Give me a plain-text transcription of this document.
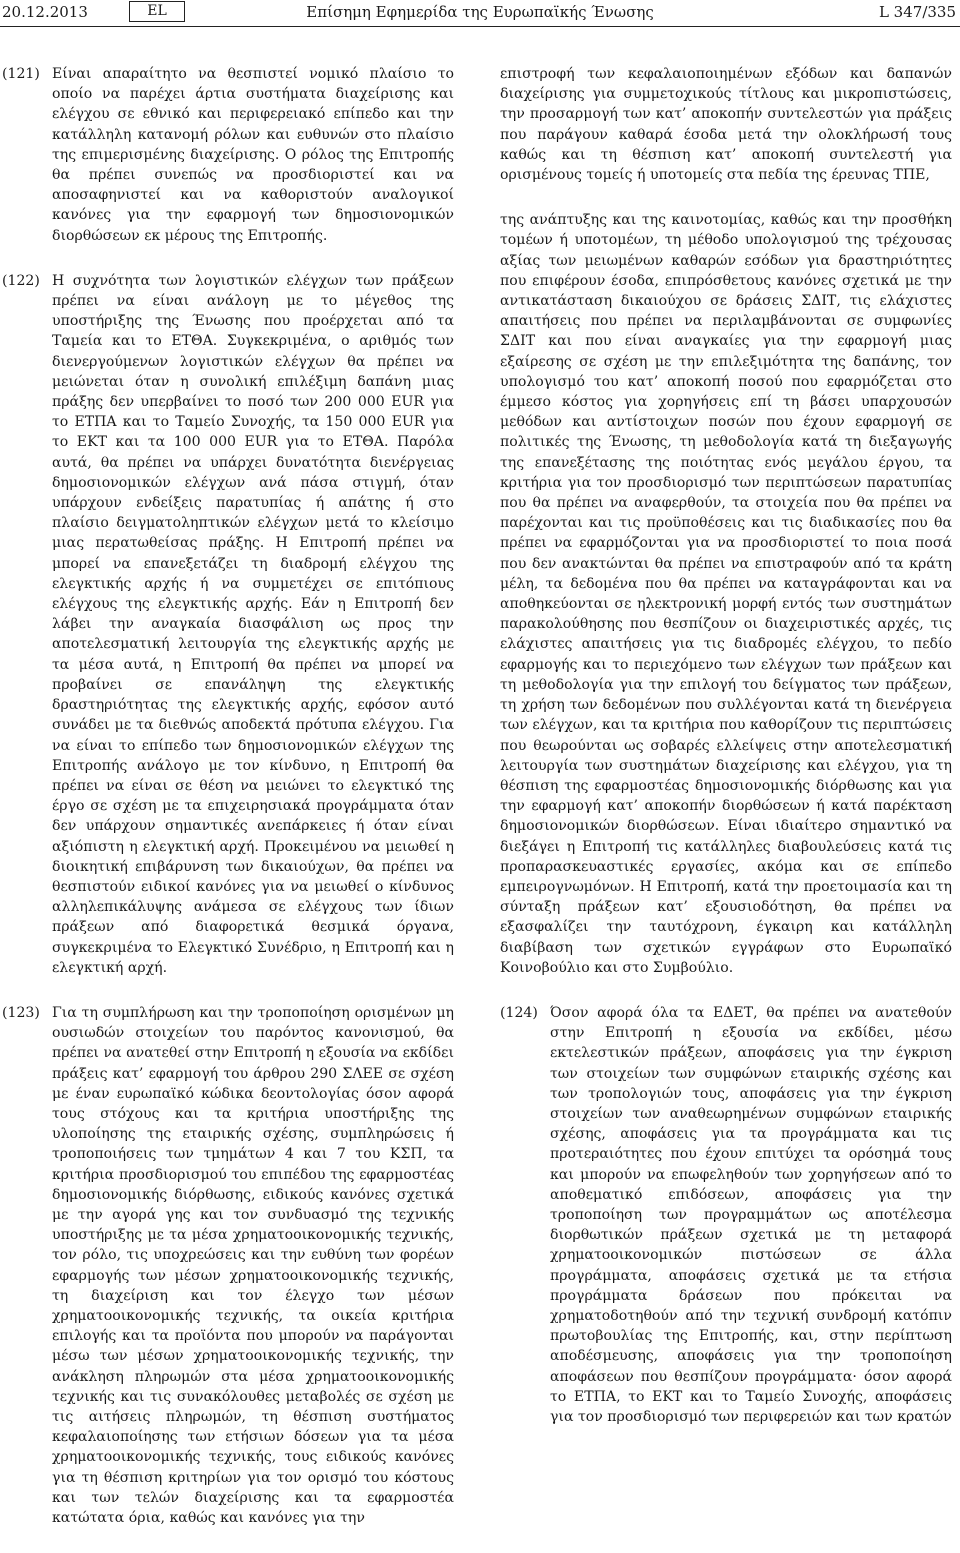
Επίσημη Εφημερίδα της Ευρωπαϊκής Ένωσης
20.12.2013	EL	L 347/335
(121) Είναι απαραίτητο να θεσπιστεί νομικό πλαίσιο το οποίο να παρέχει άρτια συστήματα διαχείρισης και ελέγχου σε εθνικό και περιφερειακό επίπεδο και την κατάλληλη κατανομή ρόλων και ευθυνών στο πλαίσιο της επιμερισμένης διαχείρισης. Ο ρόλος της Επιτροπής θα πρέπει συνεπώς να προσδιοριστεί και να αποσαφηνιστεί και να καθοριστούν αναλογικοί κανόνες για την εφαρμογή των δημοσιονομικών διορθώσεων εκ μέρους της Επιτροπής.

(122) Η συχνότητα των λογιστικών ελέγχων των πράξεων πρέπει να είναι ανάλογη με το μέγεθος της υποστήριξης της Ένωσης που προέρχεται από τα Ταμεία και το ΕΤΘΑ. Συγκεκριμένα, ο αριθμός των διενεργούμενων λογιστικών ελέγχων θα πρέπει να μειώνεται όταν η συνολική επιλέξιμη δαπάνη μιας πράξης δεν υπερβαίνει το ποσό των 200 000 EUR για το ΕΤΠΑ και το Ταμείο Συνοχής, τα 150 000 EUR για το ΕΚΤ και τα 100 000 EUR για το ΕΤΘΑ. Παρόλα αυτά, θα πρέπει να υπάρχει δυνατότητα διενέργειας δημοσιονομικών ελέγχων ανά πάσα στιγμή, όταν υπάρχουν ενδείξεις παρατυπίας ή απάτης ή στο πλαίσιο δειγματοληπτικών ελέγχων μετά το κλείσιμο μιας περατωθείσας πράξης. Η Επιτροπή πρέπει να μπορεί να επανεξετάζει τη διαδρομή ελέγχου της ελεγκτικής αρχής ή να συμμετέχει σε επιτόπιους ελέγχους της ελεγκτικής αρχής. Εάν η Επιτροπή δεν λάβει την αναγκαία διασφάλιση ως προς την αποτελεσματική λειτουργία της ελεγκτικής αρχής με τα μέσα αυτά, η Επιτροπή θα πρέπει να μπορεί να προβαίνει σε επανάληψη της ελεγκτικής δραστηριότητας της ελεγκτικής αρχής, εφόσον αυτό συνάδει με τα διεθνώς αποδεκτά πρότυπα ελέγχου. Για να είναι το επίπεδο των δημοσιονομικών ελέγχων της Επιτροπής ανάλογο με τον κίνδυνο, η Επιτροπή θα πρέπει να είναι σε θέση να μειώνει το ελεγκτικό της έργο σε σχέση με τα επιχειρησιακά προγράμματα όταν δεν υπάρχουν σημαντικές ανεπάρκειες ή όταν είναι αξιόπιστη η ελεγκτική αρχή. Προκειμένου να μειωθεί η διοικητική επιβάρυνση των δικαιούχων, θα πρέπει να θεσπιστούν ειδικοί κανόνες για να μειωθεί ο κίνδυνος αλληλεπικάλυψης ανάμεσα σε ελέγχους των ίδιων πράξεων από διαφορετικά θεσμικά όργανα, συγκεκριμένα το Ελεγκτικό Συνέδριο, η Επιτροπή και η ελεγκτική αρχή.

(123) Για τη συμπλήρωση και την τροποποίηση ορισμένων μη ουσιωδών στοιχείων του παρόντος κανονισμού, θα πρέπει να ανατεθεί στην Επιτροπή η εξουσία να εκδίδει πράξεις κατ’ εφαρμογή του άρθρου 290 ΣΛΕΕ σε σχέση με έναν ευρωπαϊκό κώδικα δεοντολογίας όσον αφορά τους στόχους και τα κριτήρια υποστήριξης της υλοποίησης της εταιρικής σχέσης, συμπληρώσεις ή τροποποιήσεις των τμημάτων 4 και 7 του ΚΣΠ, τα κριτήρια προσδιορισμού του επιπέδου της εφαρμοστέας δημοσιονομικής διόρθωσης, ειδικούς κανόνες σχετικά με την αγορά γης και τον συνδυασμό της τεχνικής υποστήριξης με τα μέσα χρηματοοικονομικής τεχνικής, τον ρόλο, τις υποχρεώσεις και την ευθύνη των φορέων εφαρμογής των μέσων χρηματοοικονομικής τεχνικής, τη διαχείριση και τον έλεγχο των μέσων χρηματοοικονομικής τεχνικής, τα οικεία κριτήρια επιλογής και τα προϊόντα που μπορούν να παράγονται μέσω των μέσων χρηματοοικονομικής τεχνικής, την ανάκληση πληρωμών στα μέσα χρηματοοικονομικής τεχνικής και τις συνακόλουθες μεταβολές σε σχέση με τις αιτήσεις πληρωμών, τη θέσπιση συστήματος κεφαλαιοποίησης των ετήσιων δόσεων για τα μέσα χρηματοοικονομικής τεχνικής, τους ειδικούς κανόνες για τη θέσπιση κριτηρίων για τον ορισμό του κόστους και των τελών διαχείρισης και τα εφαρμοστέα κατώτατα όρια, καθώς και κανόνες για την

επιστροφή των κεφαλαιοποιημένων εξόδων και δαπανών διαχείρισης για συμμετοχικούς τίτλους και μικροπιστώσεις, την προσαρμογή των κατ’ αποκοπήν συντελεστών για πράξεις που παράγουν καθαρά έσοδα μετά την ολοκλήρωσή τους καθώς και τη θέσπιση κατ’ αποκοπή συντελεστή για ορισμένους τομείς ή υποτομείς στα πεδία της έρευνας ΤΠΕ,

της ανάπτυξης και της καινοτομίας, καθώς και την προσθήκη τομέων ή υποτομέων, τη μέθοδο υπολογισμού της τρέχουσας αξίας των μειωμένων καθαρών εσόδων για δραστηριότητες που επιφέρουν έσοδα, επιπρόσθετους κανόνες σχετικά με την αντικατάσταση δικαιούχου σε δράσεις ΣΔΙΤ, τις ελάχιστες απαιτήσεις που πρέπει να περιλαμβάνονται σε συμφωνίες ΣΔΙΤ και που είναι αναγκαίες για την εφαρμογή μιας εξαίρεσης σε σχέση με την επιλεξιμότητα της δαπάνης, τον υπολογισμό του κατ’ αποκοπή ποσού που εφαρμόζεται στο έμμεσο κόστος για χορηγήσεις επί τη βάσει υπαρχουσών μεθόδων και αντίστοιχων ποσών που έχουν εφαρμογή σε πολιτικές της Ένωσης, τη μεθοδολογία κατά τη διεξαγωγής της επανεξέτασης της ποιότητας ενός μεγάλου έργου, τα κριτήρια για τον προσδιορισμό των περιπτώσεων παρατυπίας που θα πρέπει να αναφερθούν, τα στοιχεία που θα πρέπει να παρέχονται και τις προϋποθέσεις και τις διαδικασίες που θα πρέπει να εφαρμόζονται για να προσδιοριστεί το ποια ποσά που δεν ανακτώνται θα πρέπει να επιστραφούν από τα κράτη μέλη, τα δεδομένα που θα πρέπει να καταγράφονται και να αποθηκεύονται σε ηλεκτρονική μορφή εντός των συστημάτων παρακολούθησης που θεσπίζουν οι διαχειριστικές αρχές, τις ελάχιστες απαιτήσεις για τις διαδρομές ελέγχου, το πεδίο εφαρμογής και το περιεχόμενο των ελέγχων των πράξεων και τη μεθοδολογία για την επιλογή του δείγματος των πράξεων, τη χρήση των δεδομένων που συλλέγονται κατά τη διενέργεια των ελέγχων, και τα κριτήρια που καθορίζουν τις περιπτώσεις που θεωρούνται ως σοβαρές ελλείψεις στην αποτελεσματική λειτουργία των συστημάτων διαχείρισης και ελέγχου, για τη θέσπιση της εφαρμοστέας δημοσιονομικής διόρθωσης και για την εφαρμογή κατ’ αποκοπήν διορθώσεων ή κατά παρέκταση δημοσιονομικών διορθώσεων. Είναι ιδιαίτερο σημαντικό να διεξάγει η Επιτροπή τις κατάλληλες διαβουλεύσεις κατά τις προπαρασκευαστικές εργασίες, ακόμα και σε επίπεδο εμπειρογνωμόνων. Η Επιτροπή, κατά την προετοιμασία και τη σύνταξη πράξεων κατ’ εξουσιοδότηση, θα πρέπει να εξασφαλίζει την ταυτόχρονη, έγκαιρη και κατάλληλη διαβίβαση των σχετικών εγγράφων στο Ευρωπαϊκό Κοινοβούλιο και στο Συμβούλιο.

(124) Όσον αφορά όλα τα ΕΔΕΤ, θα πρέπει να ανατεθούν στην Επιτροπή η εξουσία να εκδίδει, μέσω εκτελεστικών πράξεων, αποφάσεις για την έγκριση των στοιχείων των συμφώνων εταιρικής σχέσης και των τροπολογιών τους, αποφάσεις για την έγκριση στοιχείων των αναθεωρημένων συμφώνων εταιρικής σχέσης, αποφάσεις για τα προγράμματα και τις προτεραιότητες που έχουν επιτύχει τα ορόσημά τους και μπορούν να επωφεληθούν των χορηγήσεων από το αποθεματικό επιδόσεων, αποφάσεις για την τροποποίηση των προγραμμάτων ως αποτέλεσμα διορθωτικών πράξεων σχετικά με τη μεταφορά χρηματοοικονομικών πιστώσεων σε άλλα προγράμματα, αποφάσεις σχετικά με τα ετήσια προγράμματα δράσεων που πρόκειται να χρηματοδοτηθούν από την τεχνική συνδρομή κατόπιν πρωτοβουλίας της Επιτροπής, και, στην περίπτωση αποδέσμευσης, αποφάσεις για την τροποποίηση αποφάσεων που θεσπίζουν προγράμματα· όσον αφορά το ΕΤΠΑ, το ΕΚΤ και το Ταμείο Συνοχής, αποφάσεις για τον προσδιορισμό των περιφερειών και των κρατών
